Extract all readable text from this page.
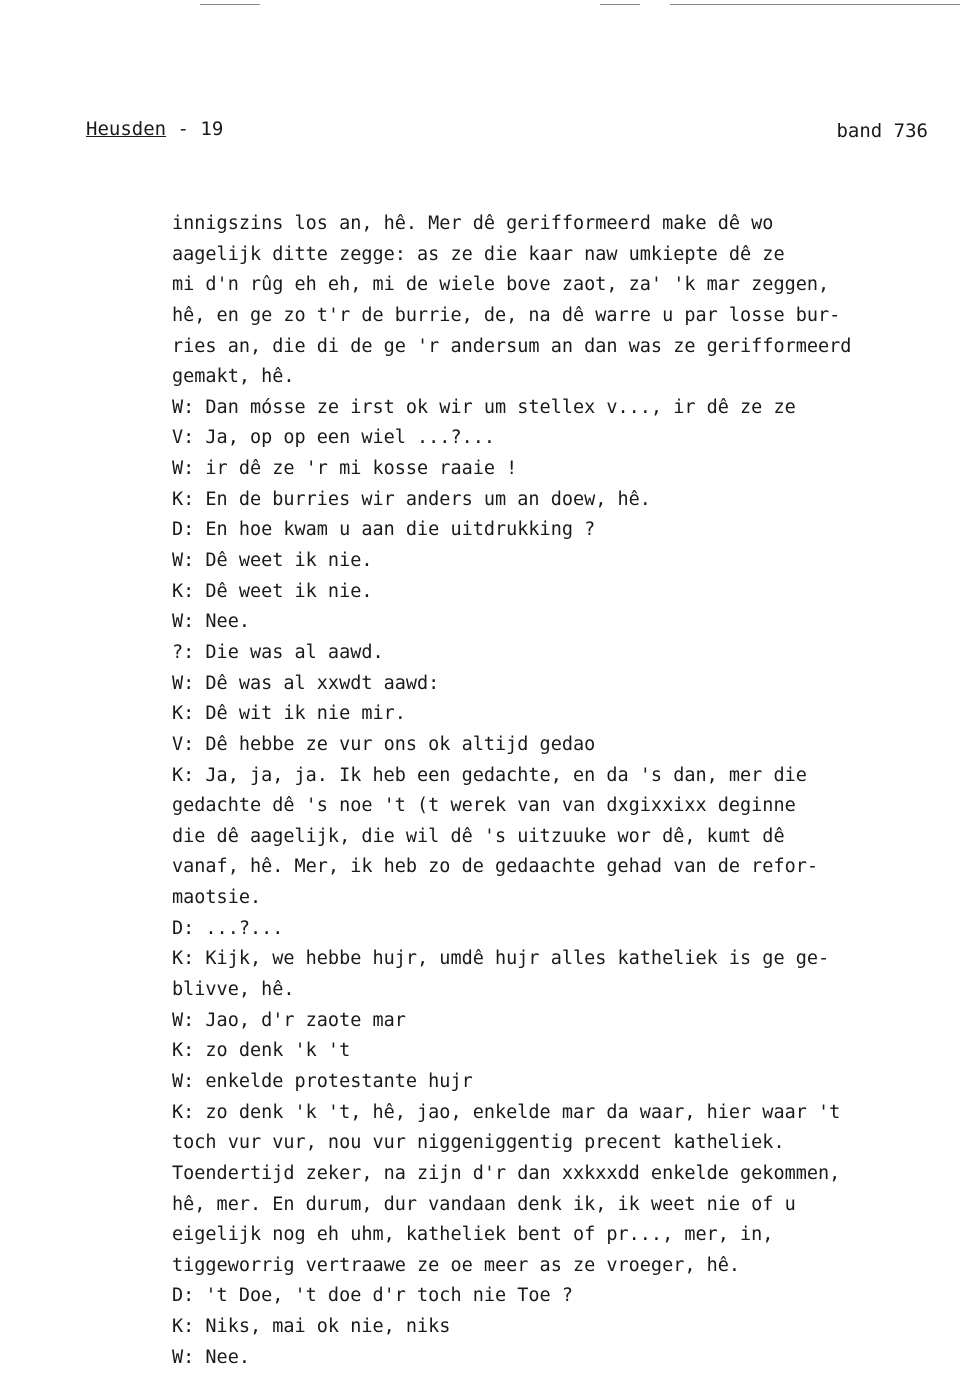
Heusden - 19	band 736
innigszins los an, hê. Mer dê gerifformeerd make dê wo
aagelijk ditte zegge: as ze die kaar naw umkiepte dê ze
mi d'n rûg eh eh, mi de wiele bove zaot, za' 'k mar zeggen,
hê, en ge zo t'r de burrie, de, na dê warre u par losse bur-
ries an, die di de ge 'r andersum an dan was ze gerifformeerd
gemakt, hê.
W: Dan mósse ze irst ok wir um stellex v..., ir dê ze ze
V: Ja, op op een wiel ...?...
W: ir dê ze 'r mi kosse raaie !
K: En de burries wir anders um an doew, hê.
D: En hoe kwam u aan die uitdrukking ?
W: Dê weet ik nie.
K: Dê weet ik nie.
W: Nee.
?: Die was al aawd.
W: Dê was al xxwdt aawd:
K: Dê wit ik nie mir.
V: Dê hebbe ze vur ons ok altijd gedao
K: Ja, ja, ja. Ik heb een gedachte, en da 's dan, mer die
gedachte dê 's noe 't (t werek van van dxgixxixx deginne
die dê aagelijk, die wil dê 's uitzuuke wor dê, kumt dê
vanaf, hê. Mer, ik heb zo de gedaachte gehad van de refor-
maotsie.
D: ...?...
K: Kijk, we hebbe hujr, umdê hujr alles katheliek is ge ge-
blivve, hê.
W: Jao, d'r zaote mar
K: zo denk 'k 't
W: enkelde protestante hujr
K: zo denk 'k 't, hê, jao, enkelde mar da waar, hier waar 't
toch vur vur, nou vur niggeniggentig precent katheliek.
Toendertijd zeker, na zijn d'r dan xxkxxdd enkelde gekommen,
hê, mer. En durum, dur vandaan denk ik, ik weet nie of u
eigelijk nog eh uhm, katheliek bent of pr..., mer, in,
tiggeworrig vertraawe ze oe meer as ze vroeger, hê.
D: 't Doe, 't doe d'r toch nie Toe ?
K: Niks, mai ok nie, niks
W: Nee.
